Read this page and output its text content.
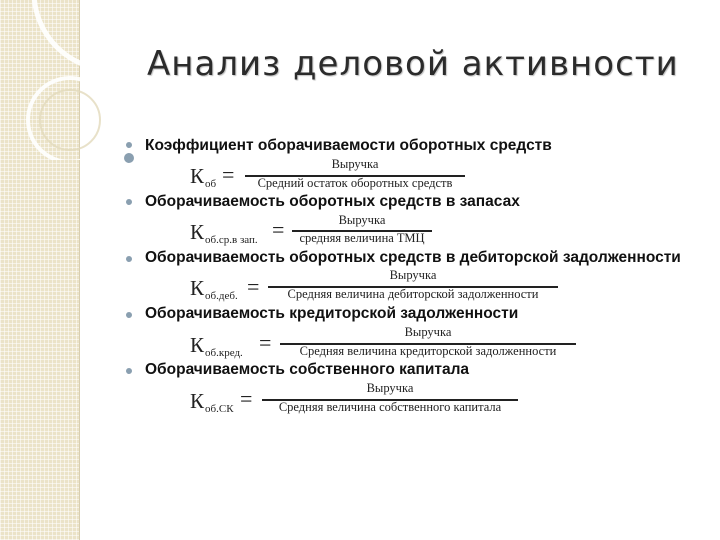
Анализ деловой активности
Коэффициент оборачиваемости оборотных средств
$К_{об}$ =	Выручка
Средний остаток оборотных средств
Оборачиваемость оборотных средств в запасах
$К_{об.ср.в зап.}$ =	Выручка
средняя величина ТМЦ
Оборачиваемость оборотных средств в дебиторской задолженности
$К_{об.деб.}$ =	Выручка
Средняя величина дебиторской задолженности
Оборачиваемость кредиторской задолженности
$К_{об.кред.}$ =	Выручка
Средняя величина кредиторской задолженности
Оборачиваемость собственного капитала
$К_{об.СК}$ =	Выручка
Средняя величина собственного капитала
